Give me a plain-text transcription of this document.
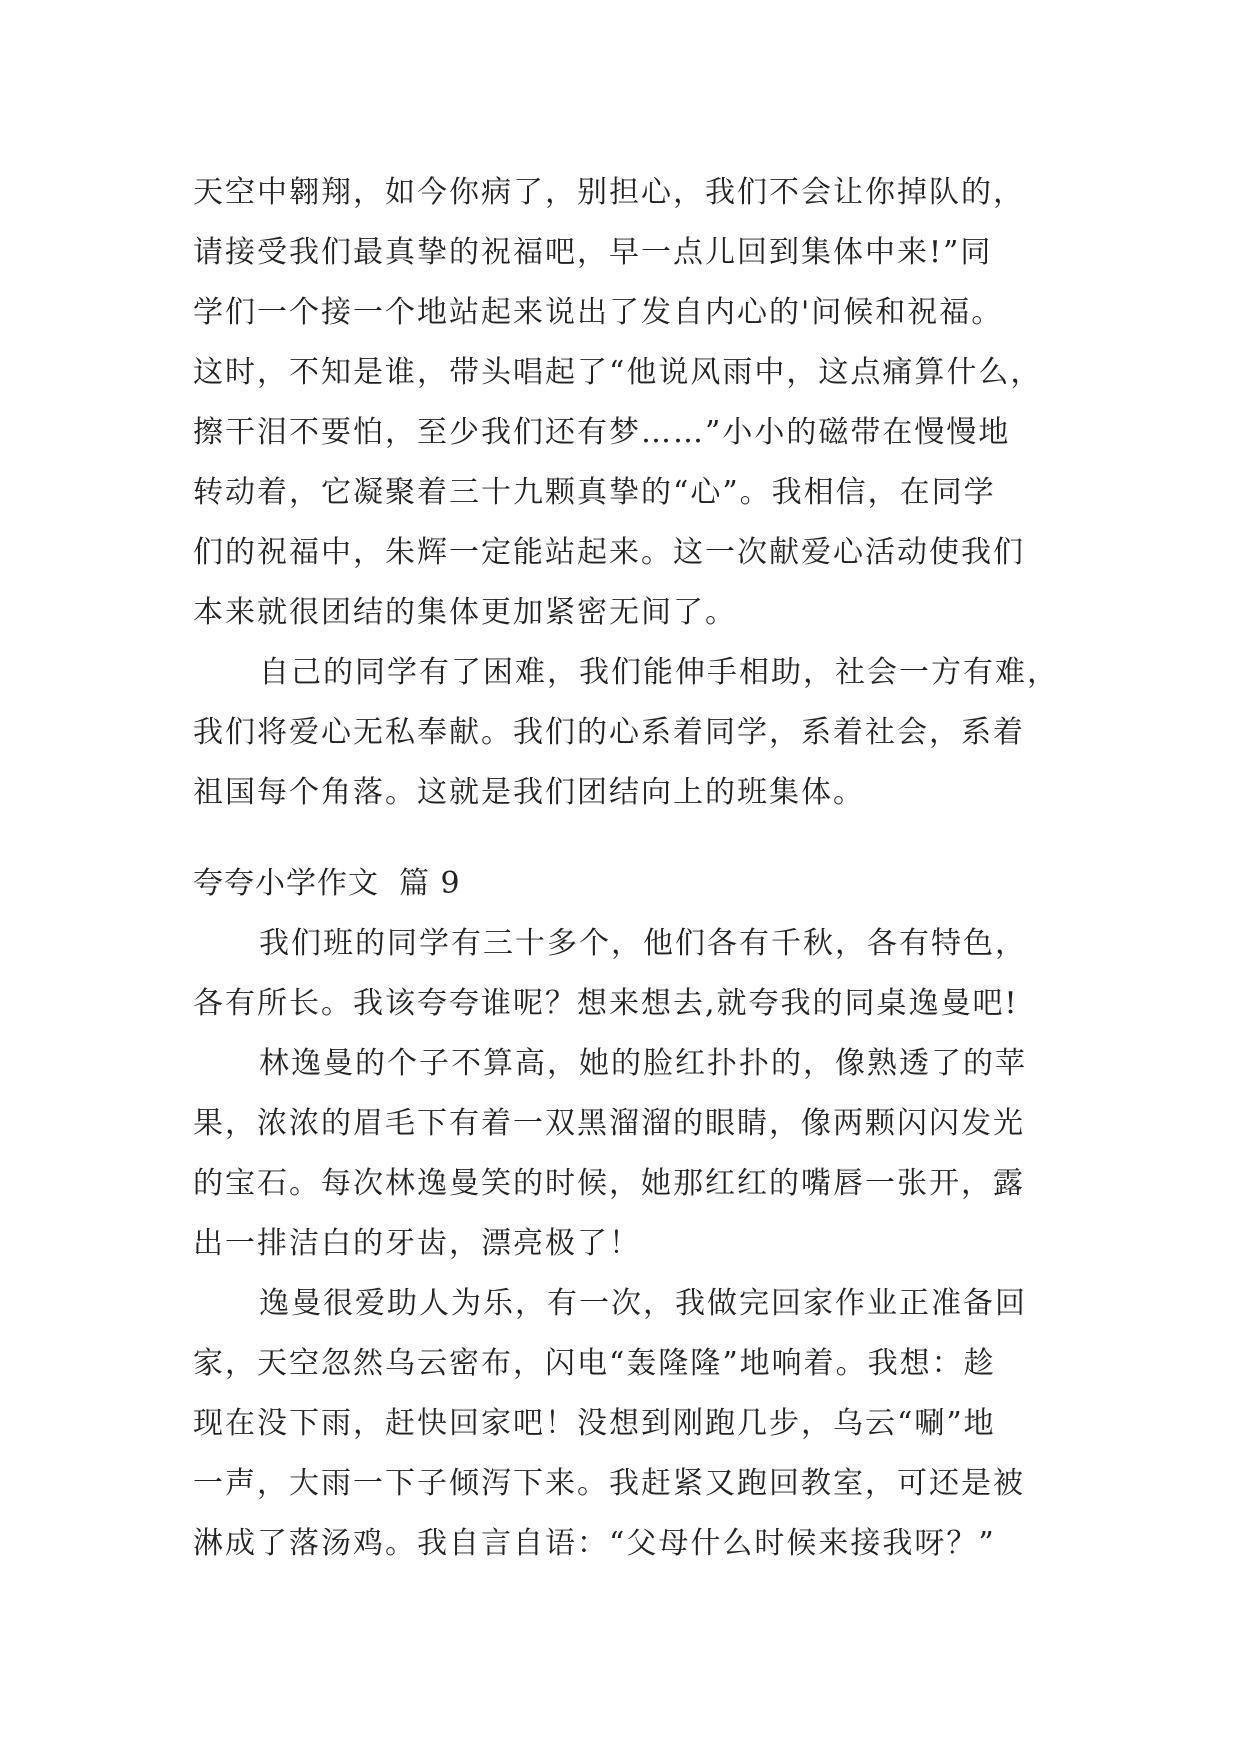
天空中翱翔，如今你病了，别担心，我们不会让你掉队的，
请接受我们最真挚的祝福吧，早一点儿回到集体中来!”同
学们一个接一个地站起来说出了发自内心的'问候和祝福。
这时，不知是谁，带头唱起了“他说风雨中，这点痛算什么，
擦干泪不要怕，至少我们还有梦……”小小的磁带在慢慢地
转动着，它凝聚着三十九颗真挚的“心”。我相信，在同学
们的祝福中，朱辉一定能站起来。这一次献爱心活动使我们
本来就很团结的集体更加紧密无间了。
自己的同学有了困难，我们能伸手相助，社会一方有难，
我们将爱心无私奉献。我们的心系着同学，系着社会，系着
祖国每个角落。这就是我们团结向上的班集体。
夸夸小学作文 篇 9
我们班的同学有三十多个，他们各有千秋，各有特色，
各有所长。我该夸夸谁呢？想来想去,就夸我的同桌逸曼吧!
林逸曼的个子不算高，她的脸红扑扑的，像熟透了的苹
果，浓浓的眉毛下有着一双黑溜溜的眼睛，像两颗闪闪发光
的宝石。每次林逸曼笑的时候，她那红红的嘴唇一张开，露
出一排洁白的牙齿，漂亮极了！
逸曼很爱助人为乐，有一次，我做完回家作业正准备回
家，天空忽然乌云密布，闪电“轰隆隆”地响着。我想：趁
现在没下雨，赶快回家吧！没想到刚跑几步，乌云“唰”地
一声，大雨一下子倾泻下来。我赶紧又跑回教室，可还是被
淋成了落汤鸡。我自言自语：“父母什么时候来接我呀？”
